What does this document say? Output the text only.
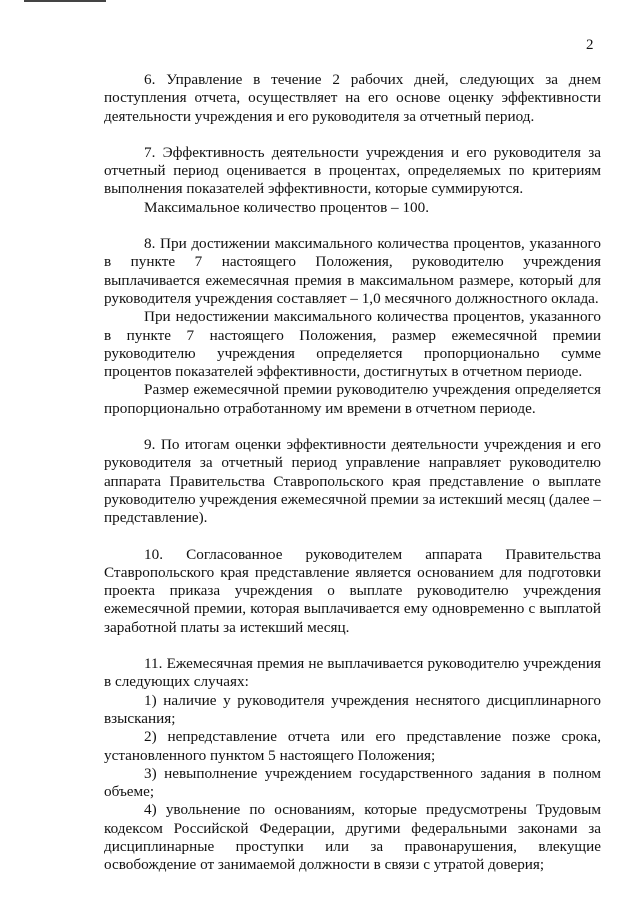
2

6. Управление в течение 2 рабочих дней, следующих за днем поступления отчета, осуществляет на его основе оценку эффективности деятельности учреждения и его руководителя за отчетный период.

7. Эффективность деятельности учреждения и его руководителя за отчетный период оценивается в процентах, определяемых по критериям выполнения показателей эффективности, которые суммируются.

Максимальное количество процентов – 100.

8. При достижении максимального количества процентов, указанного в пункте 7 настоящего Положения, руководителю учреждения выплачивается ежемесячная премия в максимальном размере, который для руководителя учреждения составляет – 1,0 месячного должностного оклада.

При недостижении максимального количества процентов, указанного в пункте 7 настоящего Положения, размер ежемесячной премии руководителю учреждения определяется пропорционально сумме процентов показателей эффективности, достигнутых в отчетном периоде.

Размер ежемесячной премии руководителю учреждения определяется пропорционально отработанному им времени в отчетном периоде.

9. По итогам оценки эффективности деятельности учреждения и его руководителя за отчетный период управление направляет руководителю аппарата Правительства Ставропольского края представление о выплате руководителю учреждения ежемесячной премии за истекший месяц (далее – представление).

10. Согласованное руководителем аппарата Правительства Ставропольского края представление является основанием для подготовки проекта приказа учреждения о выплате руководителю учреждения ежемесячной премии, которая выплачивается ему одновременно с выплатой заработной платы за истекший месяц.

11. Ежемесячная премия не выплачивается руководителю учреждения в следующих случаях:

1) наличие у руководителя учреждения неснятого дисциплинарного взыскания;

2) непредставление отчета или его представление позже срока, установленного пунктом 5 настоящего Положения;

3) невыполнение учреждением государственного задания в полном объеме;

4) увольнение по основаниям, которые предусмотрены Трудовым кодексом Российской Федерации, другими федеральными законами за дисциплинарные проступки или за правонарушения, влекущие освобождение от занимаемой должности в связи с утратой доверия;
